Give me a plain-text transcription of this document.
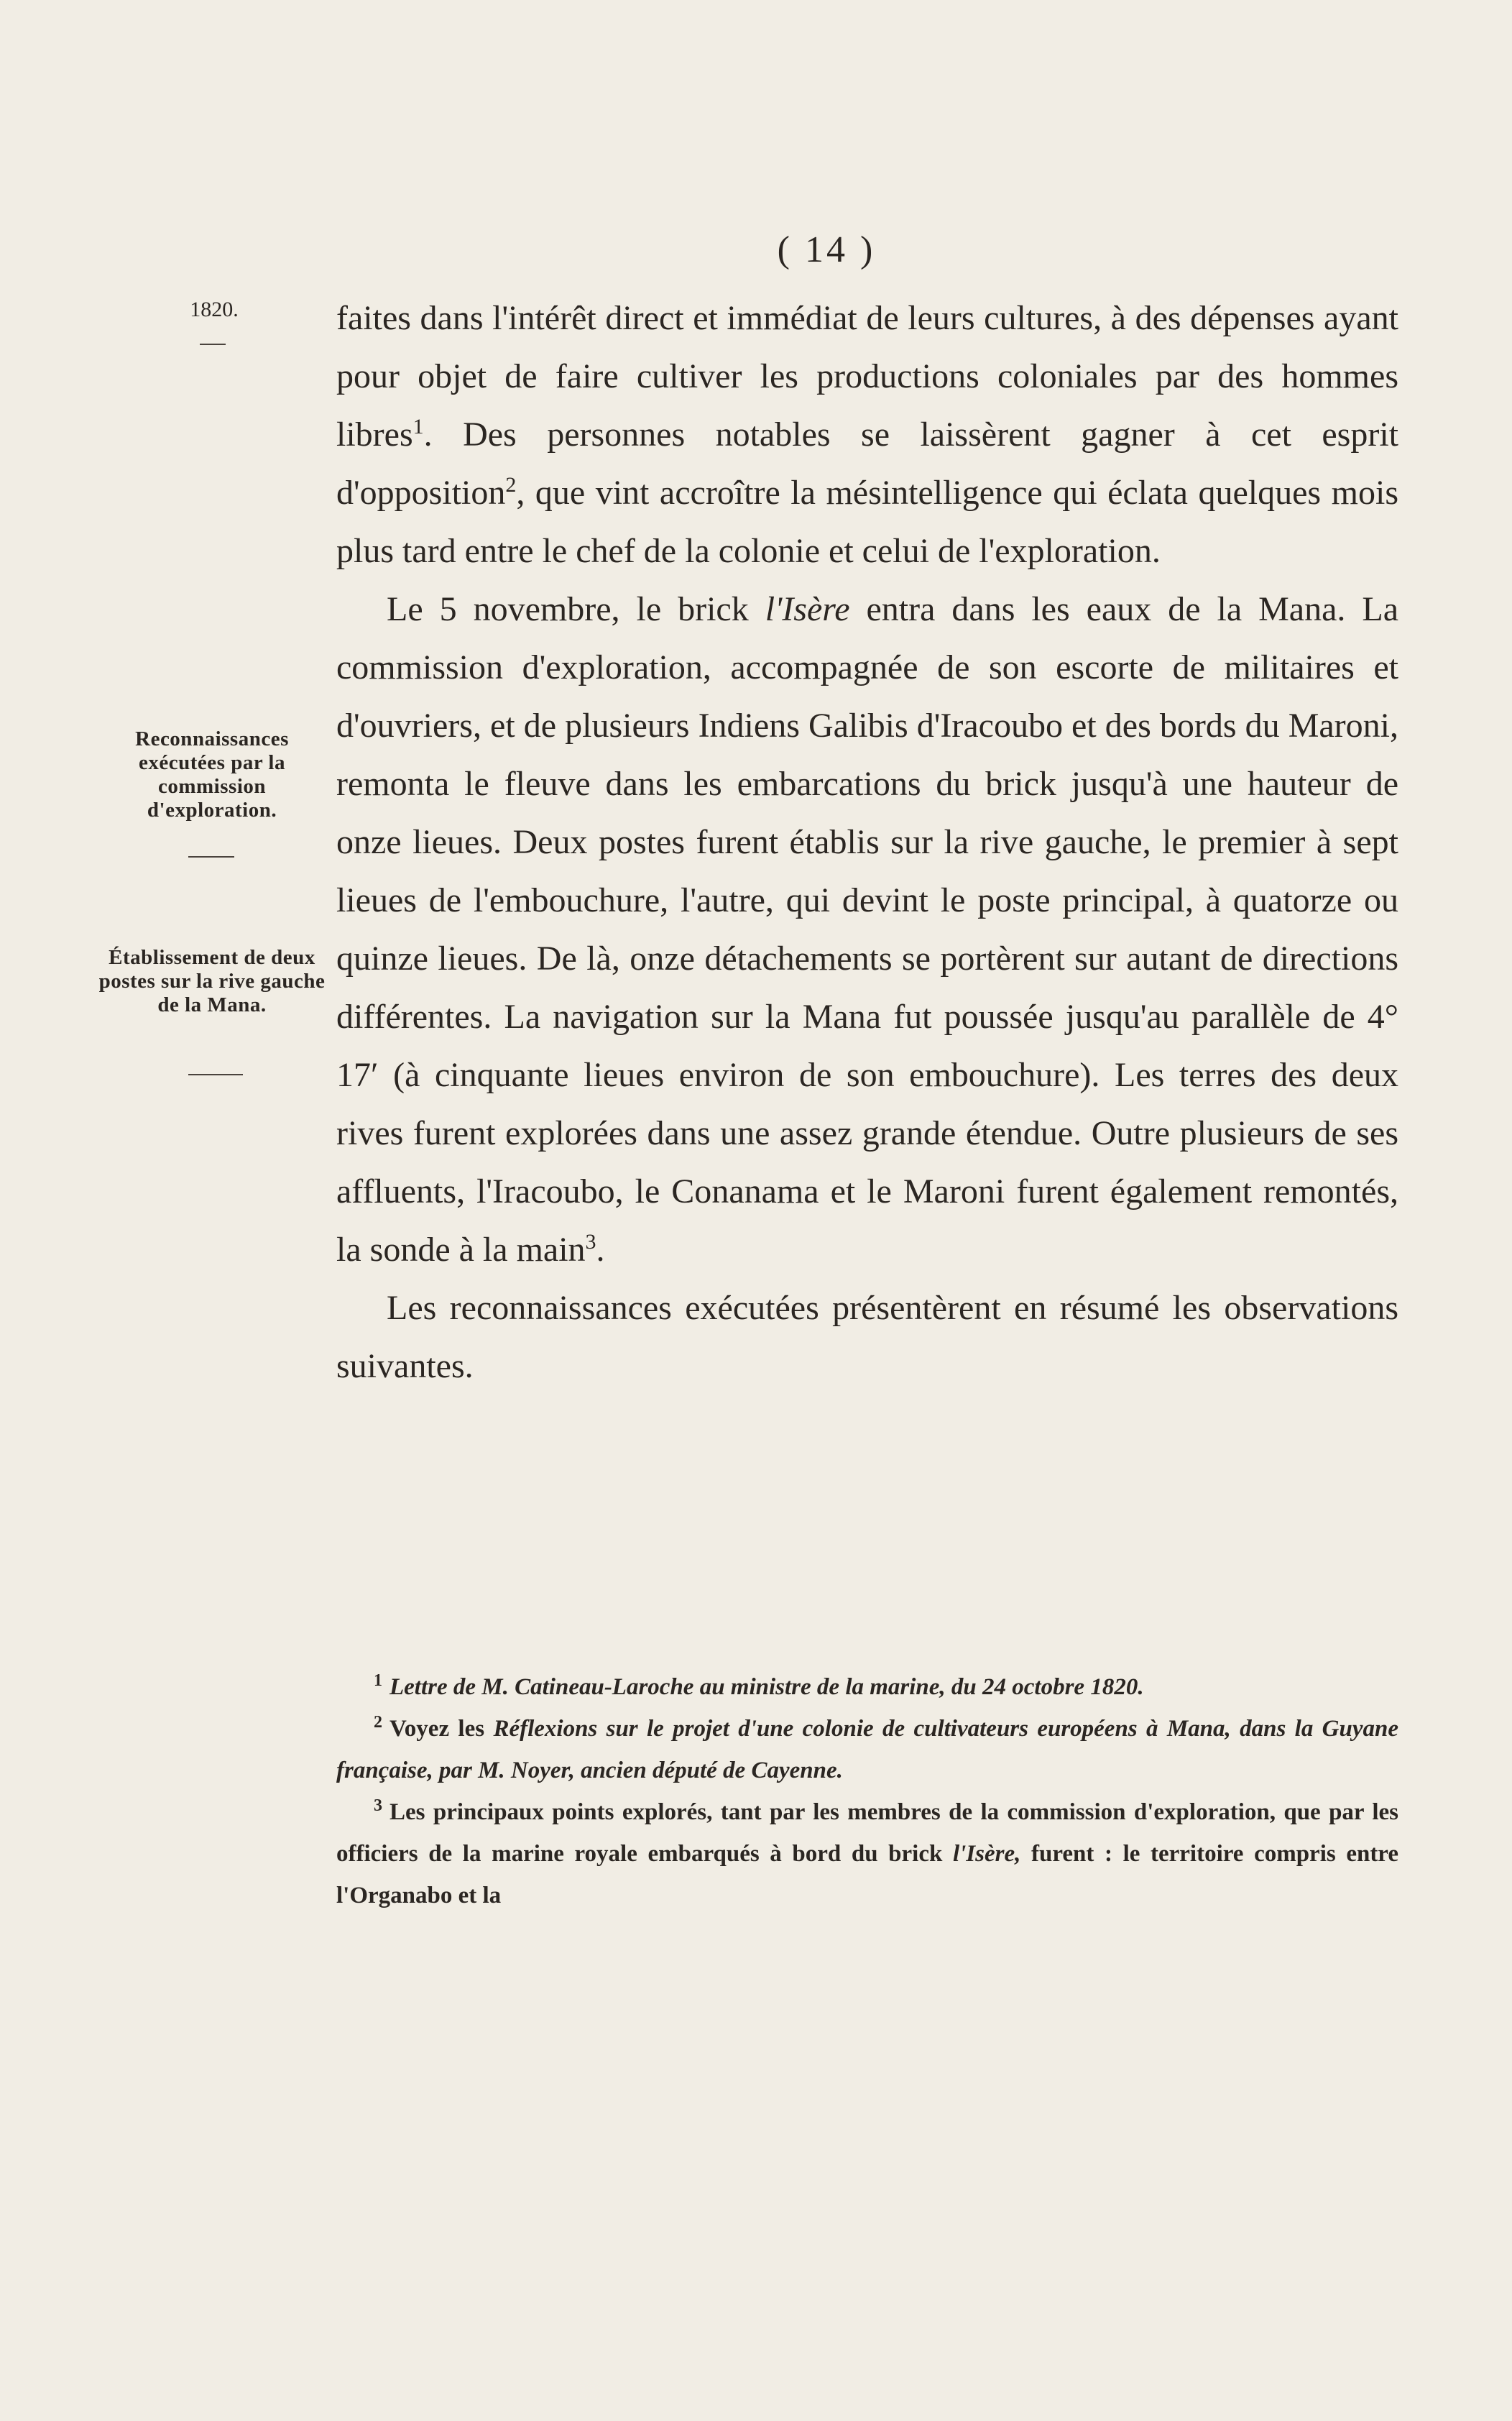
( 14 )
1820.
Reconnaissances exécutées par la commission d'exploration.
Établissement de deux postes sur la rive gauche de la Mana.

faites dans l'intérêt direct et immédiat de leurs cultures, à des dépenses ayant pour objet de faire cultiver les productions coloniales par des hommes libres$^1$. Des personnes notables se laissèrent gagner à cet esprit d'opposition$^2$, que vint accroître la mésintelligence qui éclata quelques mois plus tard entre le chef de la colonie et celui de l'exploration.

Le 5 novembre, le brick l'Isère entra dans les eaux de la Mana. La commission d'exploration, accompagnée de son escorte de militaires et d'ouvriers, et de plusieurs Indiens Galibis d'Iracoubo et des bords du Maroni, remonta le fleuve dans les embarcations du brick jusqu'à une hauteur de onze lieues. Deux postes furent établis sur la rive gauche, le premier à sept lieues de l'embouchure, l'autre, qui devint le poste principal, à quatorze ou quinze lieues. De là, onze détachements se portèrent sur autant de directions différentes. La navigation sur la Mana fut poussée jusqu'au parallèle de 4° 17′ (à cinquante lieues environ de son embouchure). Les terres des deux rives furent explorées dans une assez grande étendue. Outre plusieurs de ses affluents, l'Iracoubo, le Conanama et le Maroni furent également remontés, la sonde à la main$^3$.

Les reconnaissances exécutées présentèrent en résumé les observations suivantes.

$^1$ Lettre de M. Catineau-Laroche au ministre de la marine, du 24 octobre 1820.

$^2$ Voyez les Réflexions sur le projet d'une colonie de cultivateurs européens à Mana, dans la Guyane française, par M. Noyer, ancien député de Cayenne.

$^3$ Les principaux points explorés, tant par les membres de la commission d'exploration, que par les officiers de la marine royale embarqués à bord du brick l'Isère, furent : le territoire compris entre l'Organabo et la
